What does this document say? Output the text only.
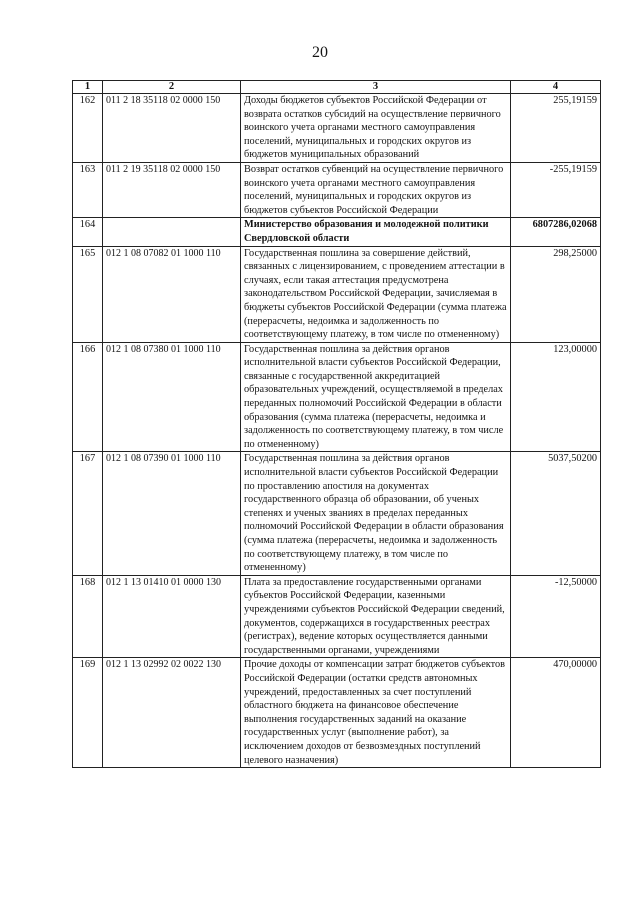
20
1	2	3	4
162	011 2 18 35118 02 0000 150	Доходы бюджетов субъектов Российской Федерации от возврата остатков субсидий на осуществление первичного воинского учета органами местного самоуправления поселений, муниципальных и городских округов из бюджетов муниципальных образований	255,19159
163	011 2 19 35118 02 0000 150	Возврат остатков субвенций на осуществление первичного воинского учета органами местного самоуправления поселений, муниципальных и городских округов из бюджетов субъектов Российской Федерации	-255,19159
164		Министерство образования и молодежной политики Свердловской области	6807286,02068
165	012 1 08 07082 01 1000 110	Государственная пошлина за совершение действий, связанных с лицензированием, с проведением аттестации в случаях, если такая аттестация предусмотрена законодательством Российской Федерации, зачисляемая в бюджеты субъектов Российской Федерации (сумма платежа (перерасчеты, недоимка и задолженность по соответствующему платежу, в том числе по отмененному)	298,25000
166	012 1 08 07380 01 1000 110	Государственная пошлина за действия органов исполнительной власти субъектов Российской Федерации, связанные с государственной аккредитацией образовательных учреждений, осуществляемой в пределах переданных полномочий Российской Федерации в области образования (сумма платежа (перерасчеты, недоимка и задолженность по соответствующему платежу, в том числе по отмененному)	123,00000
167	012 1 08 07390 01 1000 110	Государственная пошлина за действия органов исполнительной власти субъектов Российской Федерации по проставлению апостиля на документах государственного образца об образовании, об ученых степенях и ученых званиях в пределах переданных полномочий Российской Федерации в области образования (сумма платежа (перерасчеты, недоимка и задолженность по соответствующему платежу, в том числе по отмененному)	5037,50200
168	012 1 13 01410 01 0000 130	Плата за предоставление государственными органами субъектов Российской Федерации, казенными учреждениями субъектов Российской Федерации сведений, документов, содержащихся в государственных реестрах (регистрах), ведение которых осуществляется данными государственными органами, учреждениями	-12,50000
169	012 1 13 02992 02 0022 130	Прочие доходы от компенсации затрат бюджетов субъектов Российской Федерации (остатки средств автономных учреждений, предоставленных за счет поступлений областного бюджета на финансовое обеспечение выполнения государственных заданий на оказание государственных услуг (выполнение работ), за исключением доходов от безвозмездных поступлений целевого назначения)	470,00000
